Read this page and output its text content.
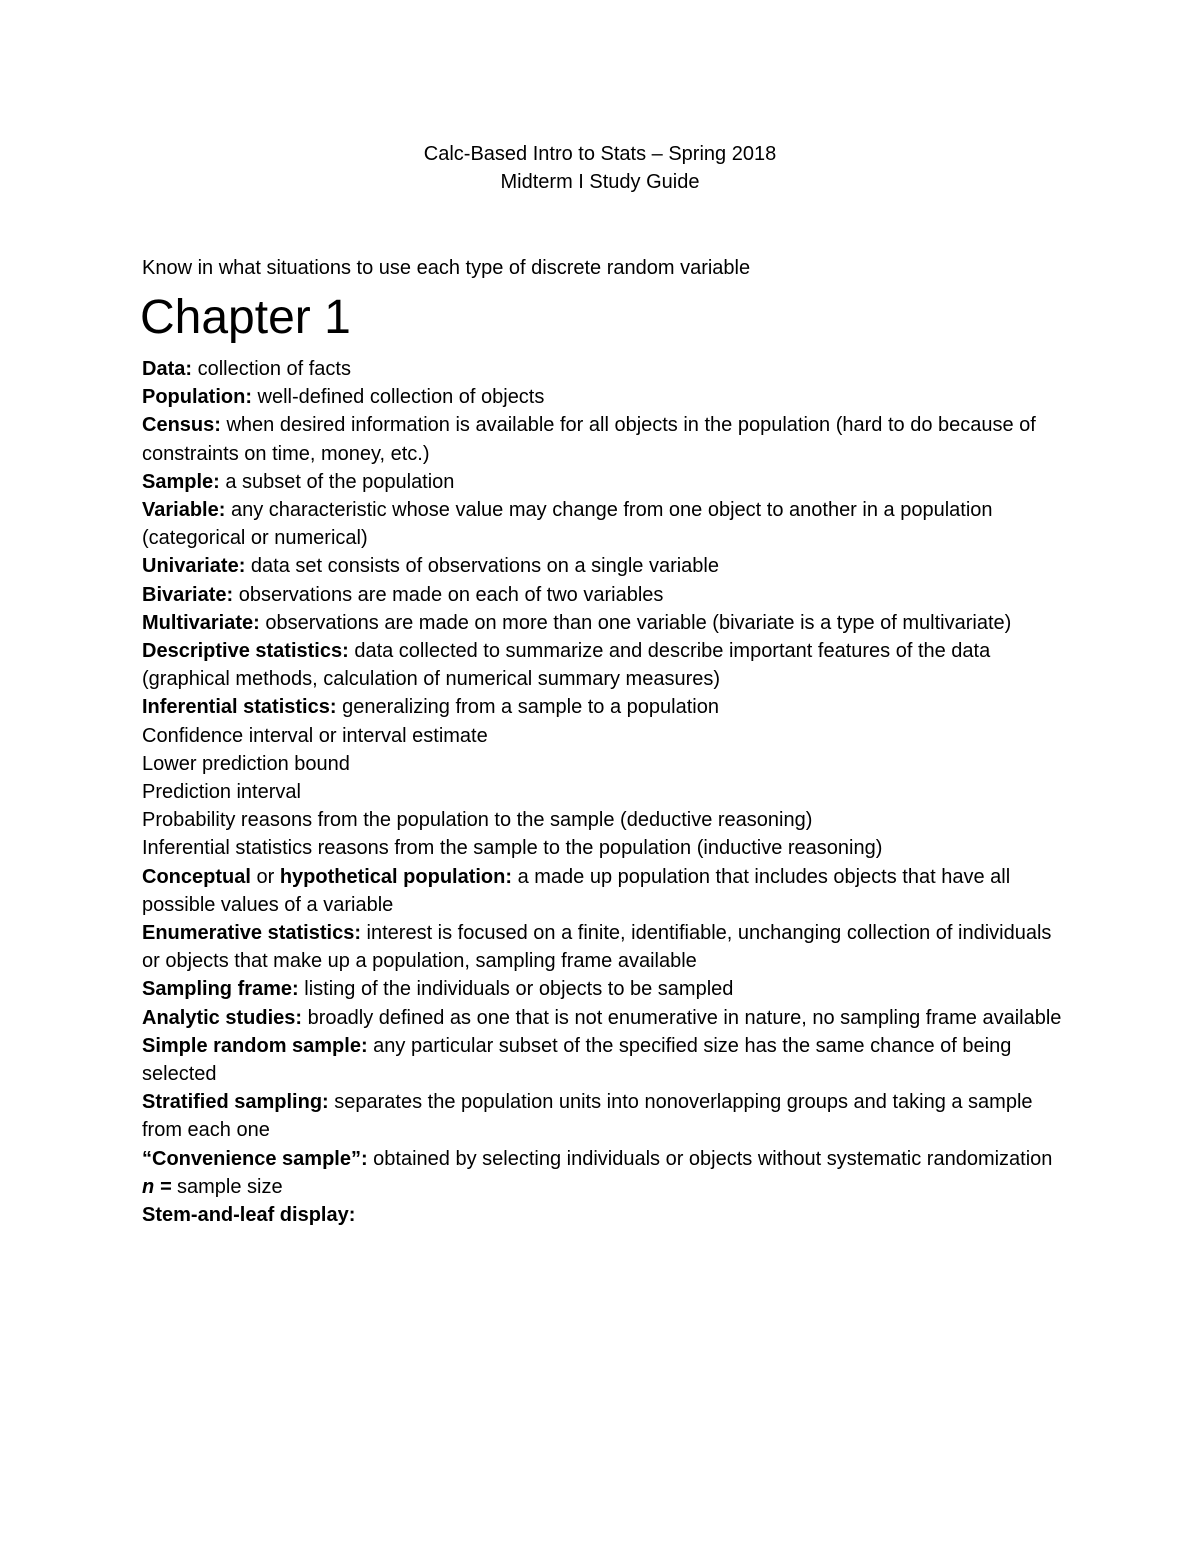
Calc-Based Intro to Stats – Spring 2018
Midterm I Study Guide
Know in what situations to use each type of discrete random variable
Chapter 1

Data: collection of facts

Population: well-defined collection of objects

Census: when desired information is available for all objects in the population (hard to do because of constraints on time, money, etc.)

Sample: a subset of the population

Variable: any characteristic whose value may change from one object to another in a population (categorical or numerical)

Univariate: data set consists of observations on a single variable

Bivariate: observations are made on each of two variables

Multivariate: observations are made on more than one variable (bivariate is a type of multivariate)

Descriptive statistics: data collected to summarize and describe important features of the data (graphical methods, calculation of numerical summary measures)

Inferential statistics: generalizing from a sample to a population

Confidence interval or interval estimate

Lower prediction bound

Prediction interval

Probability reasons from the population to the sample (deductive reasoning)

Inferential statistics reasons from the sample to the population (inductive reasoning)

Conceptual or hypothetical population: a made up population that includes objects that have all possible values of a variable

Enumerative statistics: interest is focused on a finite, identifiable, unchanging collection of individuals or objects that make up a population, sampling frame available

Sampling frame: listing of the individuals or objects to be sampled

Analytic studies: broadly defined as one that is not enumerative in nature, no sampling frame available

Simple random sample: any particular subset of the specified size has the same chance of being selected

Stratified sampling: separates the population units into nonoverlapping groups and taking a sample from each one

“Convenience sample”: obtained by selecting individuals or objects without systematic randomization

n = sample size

Stem-and-leaf display:
